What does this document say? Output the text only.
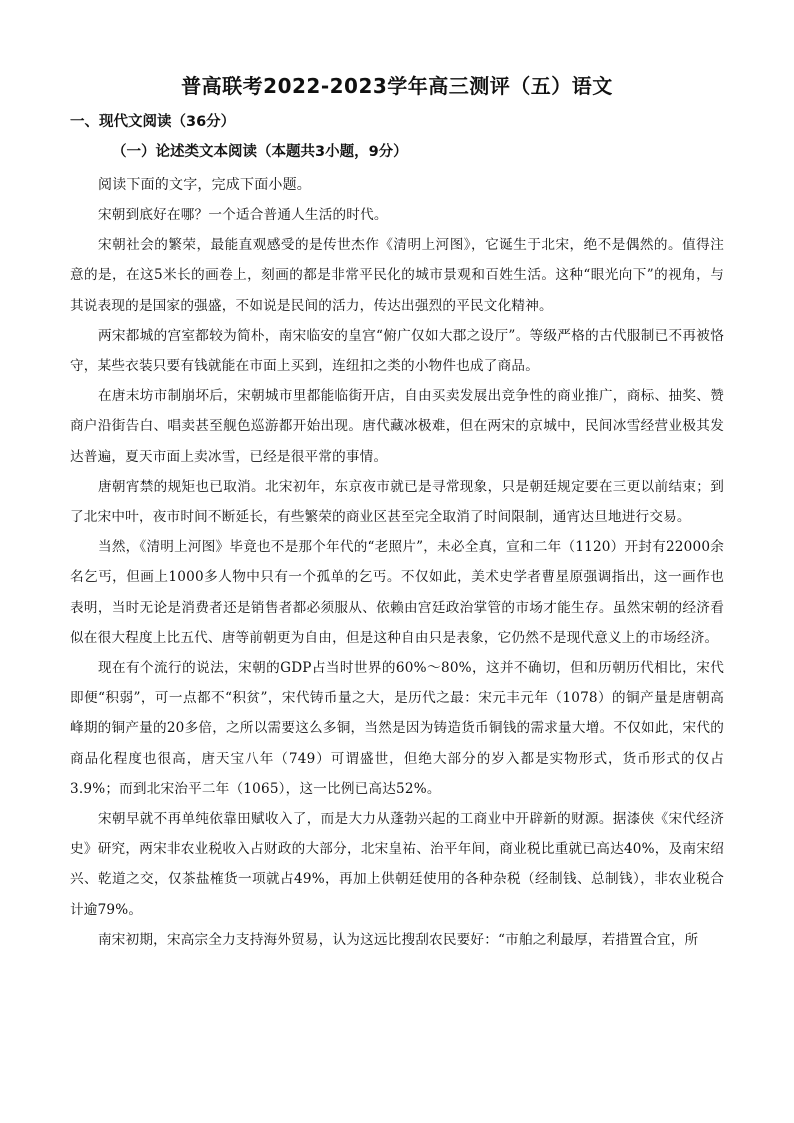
普高联考2022-2023学年高三测评（五）语文
一、现代文阅读（36分）
（一）论述类文本阅读（本题共3小题，9分）

阅读下面的文字，完成下面小题。

宋朝到底好在哪？一个适合普通人生活的时代。

宋朝社会的繁荣，最能直观感受的是传世杰作《清明上河图》，它诞生于北宋，绝不是偶然的。值得注意的是，在这5米长的画卷上，刻画的都是非常平民化的城市景观和百姓生活。这种“眼光向下”的视角，与其说表现的是国家的强盛，不如说是民间的活力，传达出强烈的平民文化精神。

两宋都城的宫室都较为简朴，南宋临安的皇宫“俯广仅如大郡之设厅”。等级严格的古代服制已不再被恪守，某些衣装只要有钱就能在市面上买到，连纽扣之类的小物件也成了商品。

在唐末坊市制崩坏后，宋朝城市里都能临街开店，自由买卖发展出竞争性的商业推广，商标、抽奖、赞商户沿街告白、唱卖甚至舰色巡游都开始出现。唐代藏冰极难，但在两宋的京城中，民间冰雪经营业极其发达普遍，夏天市面上卖冰雪，已经是很平常的事情。

唐朝宵禁的规矩也已取消。北宋初年，东京夜市就已是寻常现象，只是朝廷规定要在三更以前结束；到了北宋中叶，夜市时间不断延长，有些繁荣的商业区甚至完全取消了时间限制，通宵达旦地进行交易。

当然，《清明上河图》毕竟也不是那个年代的“老照片”，未必全真，宣和二年（1120）开封有22000余名乞丐，但画上1000多人物中只有一个孤单的乞丐。不仅如此，美术史学者曹星原强调指出，这一画作也表明，当时无论是消费者还是销售者都必须服从、依赖由宫廷政治掌管的市场才能生存。虽然宋朝的经济看似在很大程度上比五代、唐等前朝更为自由，但是这种自由只是表象，它仍然不是现代意义上的市场经济。

现在有个流行的说法，宋朝的GDP占当时世界的60%～80%，这并不确切，但和历朝历代相比，宋代即便“积弱”，可一点都不“积贫”，宋代铸币量之大，是历代之最：宋元丰元年（1078）的铜产量是唐朝高峰期的铜产量的20多倍，之所以需要这么多铜，当然是因为铸造货币铜钱的需求量大增。不仅如此，宋代的商品化程度也很高，唐天宝八年（749）可谓盛世，但绝大部分的岁入都是实物形式，货币形式的仅占3.9%；而到北宋治平二年（1065），这一比例已高达52%。

宋朝早就不再单纯依靠田赋收入了，而是大力从蓬勃兴起的工商业中开辟新的财源。据漆侠《宋代经济史》研究，两宋非农业税收入占财政的大部分，北宋皇祐、治平年间，商业税比重就已高达40%，及南宋绍兴、乾道之交，仅茶盐榷货一项就占49%，再加上供朝廷使用的各种杂税（经制钱、总制钱），非农业税合计逾79%。

南宋初期，宋高宗全力支持海外贸易，认为这远比搜刮农民要好：“市舶之利最厚，若措置合宜，所
